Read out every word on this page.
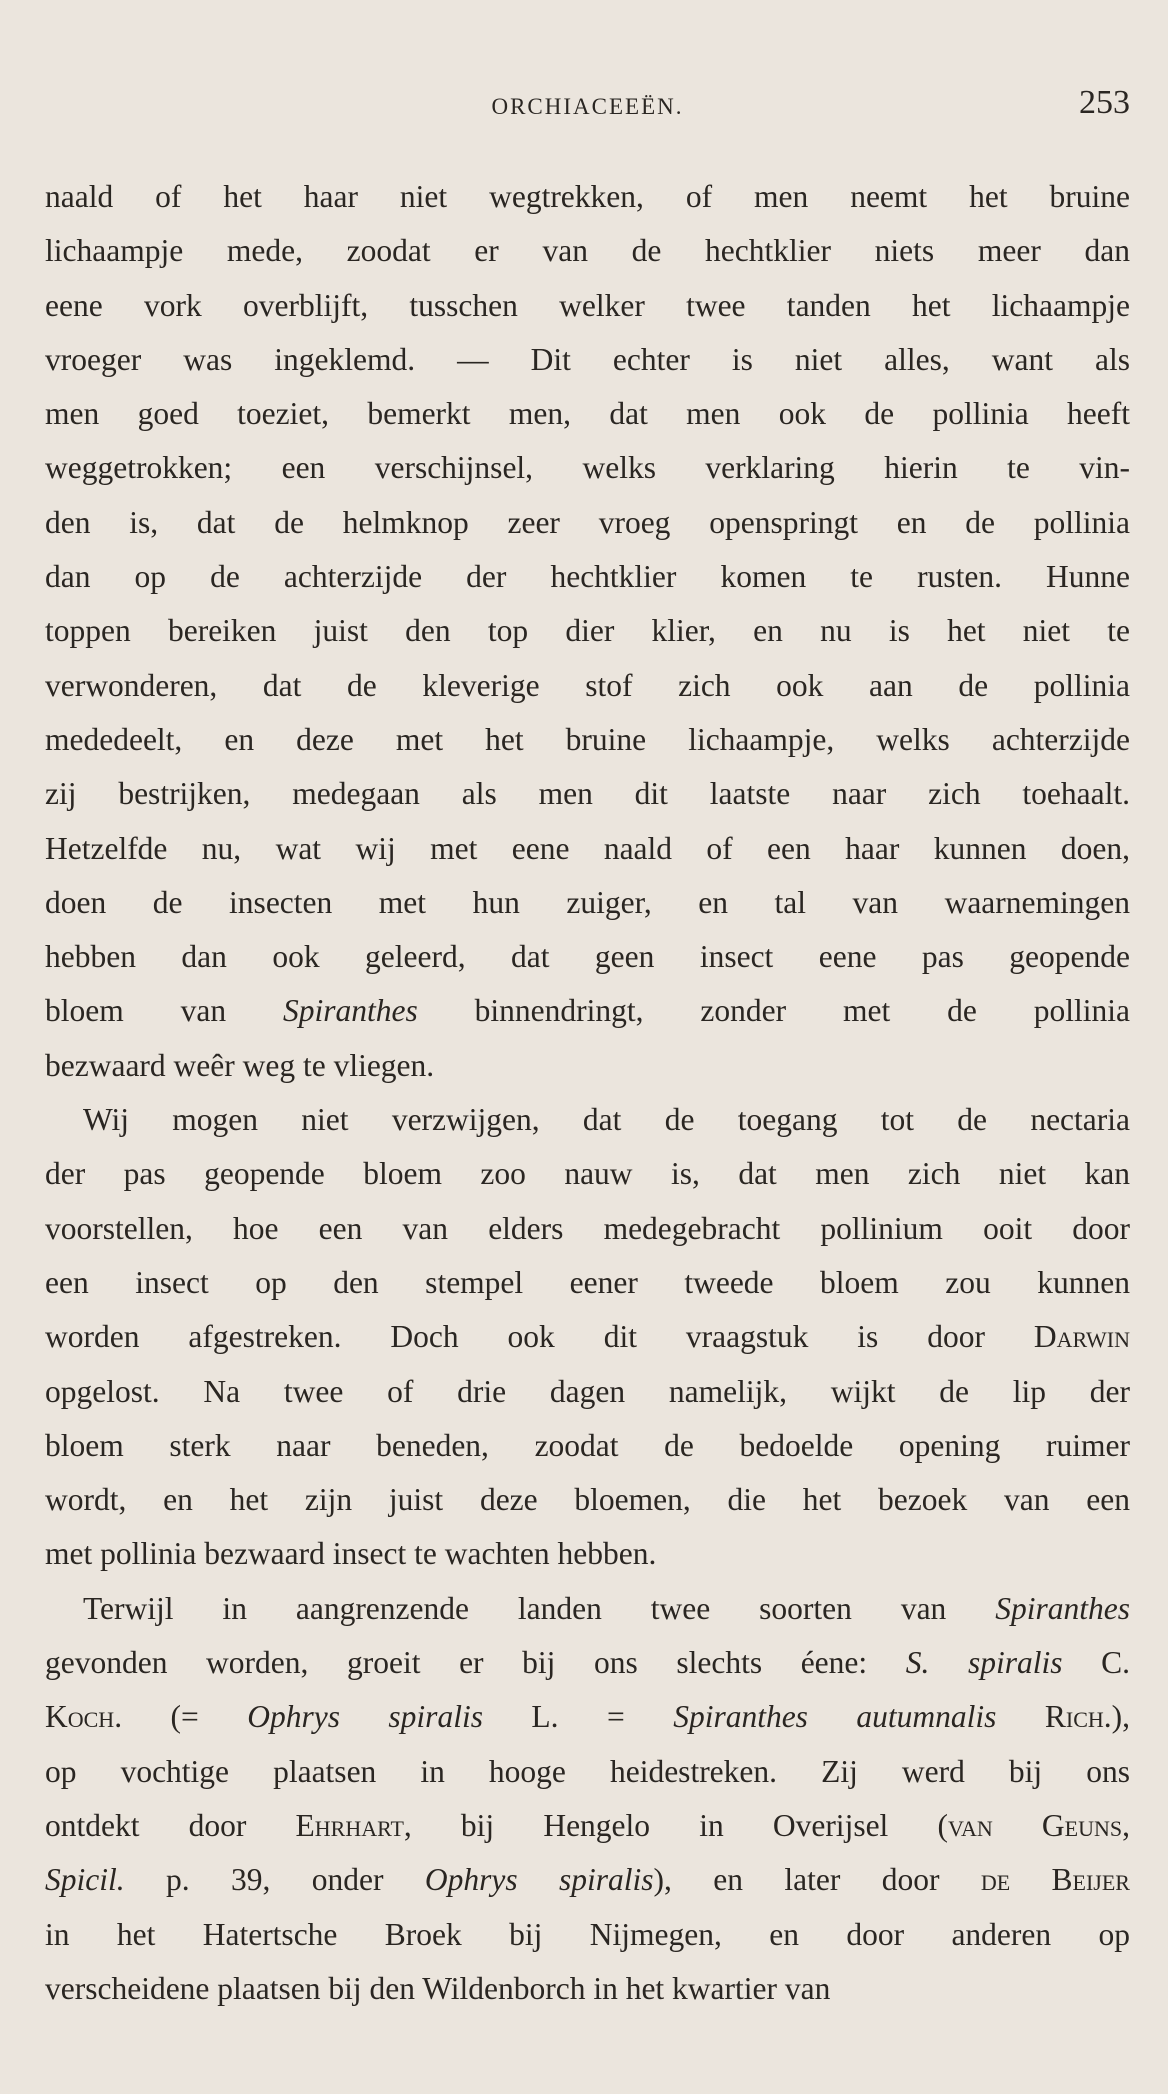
ORCHIACEEËN.	253
naald of het haar niet wegtrekken, of men neemt het bruine
lichaampje mede, zoodat er van de hechtklier niets meer dan
eene vork overblijft, tusschen welker twee tanden het lichaampje
vroeger was ingeklemd. — Dit echter is niet alles, want als
men goed toeziet, bemerkt men, dat men ook de pollinia heeft
weggetrokken; een verschijnsel, welks verklaring hierin te vin-
den is, dat de helmknop zeer vroeg openspringt en de pollinia
dan op de achterzijde der hechtklier komen te rusten. Hunne
toppen bereiken juist den top dier klier, en nu is het niet te
verwonderen, dat de kleverige stof zich ook aan de pollinia
mededeelt, en deze met het bruine lichaampje, welks achterzijde
zij bestrijken, medegaan als men dit laatste naar zich toehaalt.
Hetzelfde nu, wat wij met eene naald of een haar kunnen doen,
doen de insecten met hun zuiger, en tal van waarnemingen
hebben dan ook geleerd, dat geen insect eene pas geopende
bloem van Spiranthes binnendringt, zonder met de pollinia
bezwaard weêr weg te vliegen.
Wij mogen niet verzwijgen, dat de toegang tot de nectaria
der pas geopende bloem zoo nauw is, dat men zich niet kan
voorstellen, hoe een van elders medegebracht pollinium ooit door
een insect op den stempel eener tweede bloem zou kunnen
worden afgestreken. Doch ook dit vraagstuk is door Darwin
opgelost. Na twee of drie dagen namelijk, wijkt de lip der
bloem sterk naar beneden, zoodat de bedoelde opening ruimer
wordt, en het zijn juist deze bloemen, die het bezoek van een
met pollinia bezwaard insect te wachten hebben.
Terwijl in aangrenzende landen twee soorten van Spiranthes
gevonden worden, groeit er bij ons slechts éene: S. spiralis C.
Koch. (= Ophrys spiralis L. = Spiranthes autumnalis Rich.),
op vochtige plaatsen in hooge heidestreken. Zij werd bij ons
ontdekt door Ehrhart, bij Hengelo in Overijsel (van Geuns,
Spicil. p. 39, onder Ophrys spiralis), en later door de Beijer
in het Hatertsche Broek bij Nijmegen, en door anderen op
verscheidene plaatsen bij den Wildenborch in het kwartier van
